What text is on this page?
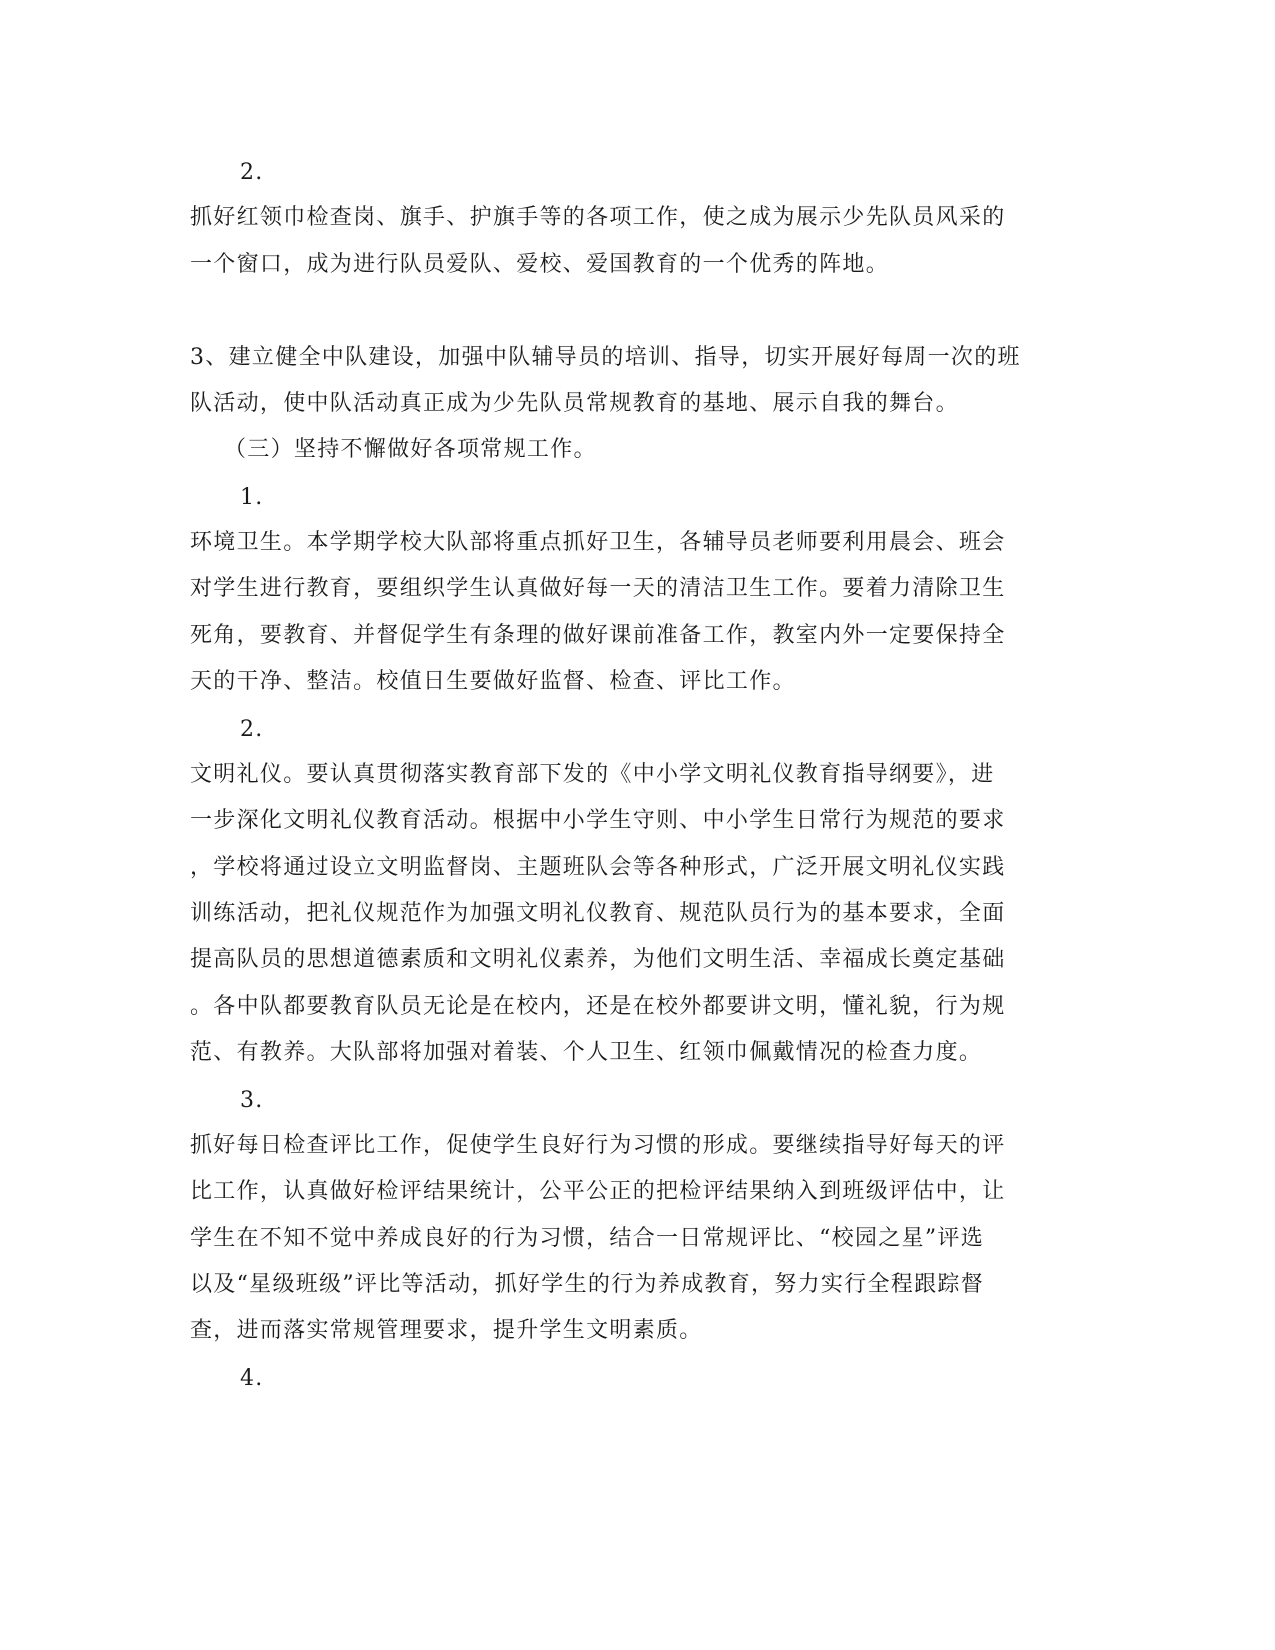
2.
抓好红领巾检查岗、旗手、护旗手等的各项工作，使之成为展示少先队员风采的
一个窗口，成为进行队员爱队、爱校、爱国教育的一个优秀的阵地。
3、建立健全中队建设，加强中队辅导员的培训、指导，切实开展好每周一次的班
队活动，使中队活动真正成为少先队员常规教育的基地、展示自我的舞台。
（三）坚持不懈做好各项常规工作。
1.
环境卫生。本学期学校大队部将重点抓好卫生，各辅导员老师要利用晨会、班会
对学生进行教育，要组织学生认真做好每一天的清洁卫生工作。要着力清除卫生
死角，要教育、并督促学生有条理的做好课前准备工作，教室内外一定要保持全
天的干净、整洁。校值日生要做好监督、检查、评比工作。
2.
文明礼仪。要认真贯彻落实教育部下发的《中小学文明礼仪教育指导纲要》，进
一步深化文明礼仪教育活动。根据中小学生守则、中小学生日常行为规范的要求
，学校将通过设立文明监督岗、主题班队会等各种形式，广泛开展文明礼仪实践
训练活动，把礼仪规范作为加强文明礼仪教育、规范队员行为的基本要求，全面
提高队员的思想道德素质和文明礼仪素养，为他们文明生活、幸福成长奠定基础
。各中队都要教育队员无论是在校内，还是在校外都要讲文明，懂礼貌，行为规
范、有教养。大队部将加强对着装、个人卫生、红领巾佩戴情况的检查力度。
3.
抓好每日检查评比工作，促使学生良好行为习惯的形成。要继续指导好每天的评
比工作，认真做好检评结果统计，公平公正的把检评结果纳入到班级评估中，让
学生在不知不觉中养成良好的行为习惯，结合一日常规评比、“校园之星”评选
以及“星级班级”评比等活动，抓好学生的行为养成教育，努力实行全程跟踪督
查，进而落实常规管理要求，提升学生文明素质。
4.
